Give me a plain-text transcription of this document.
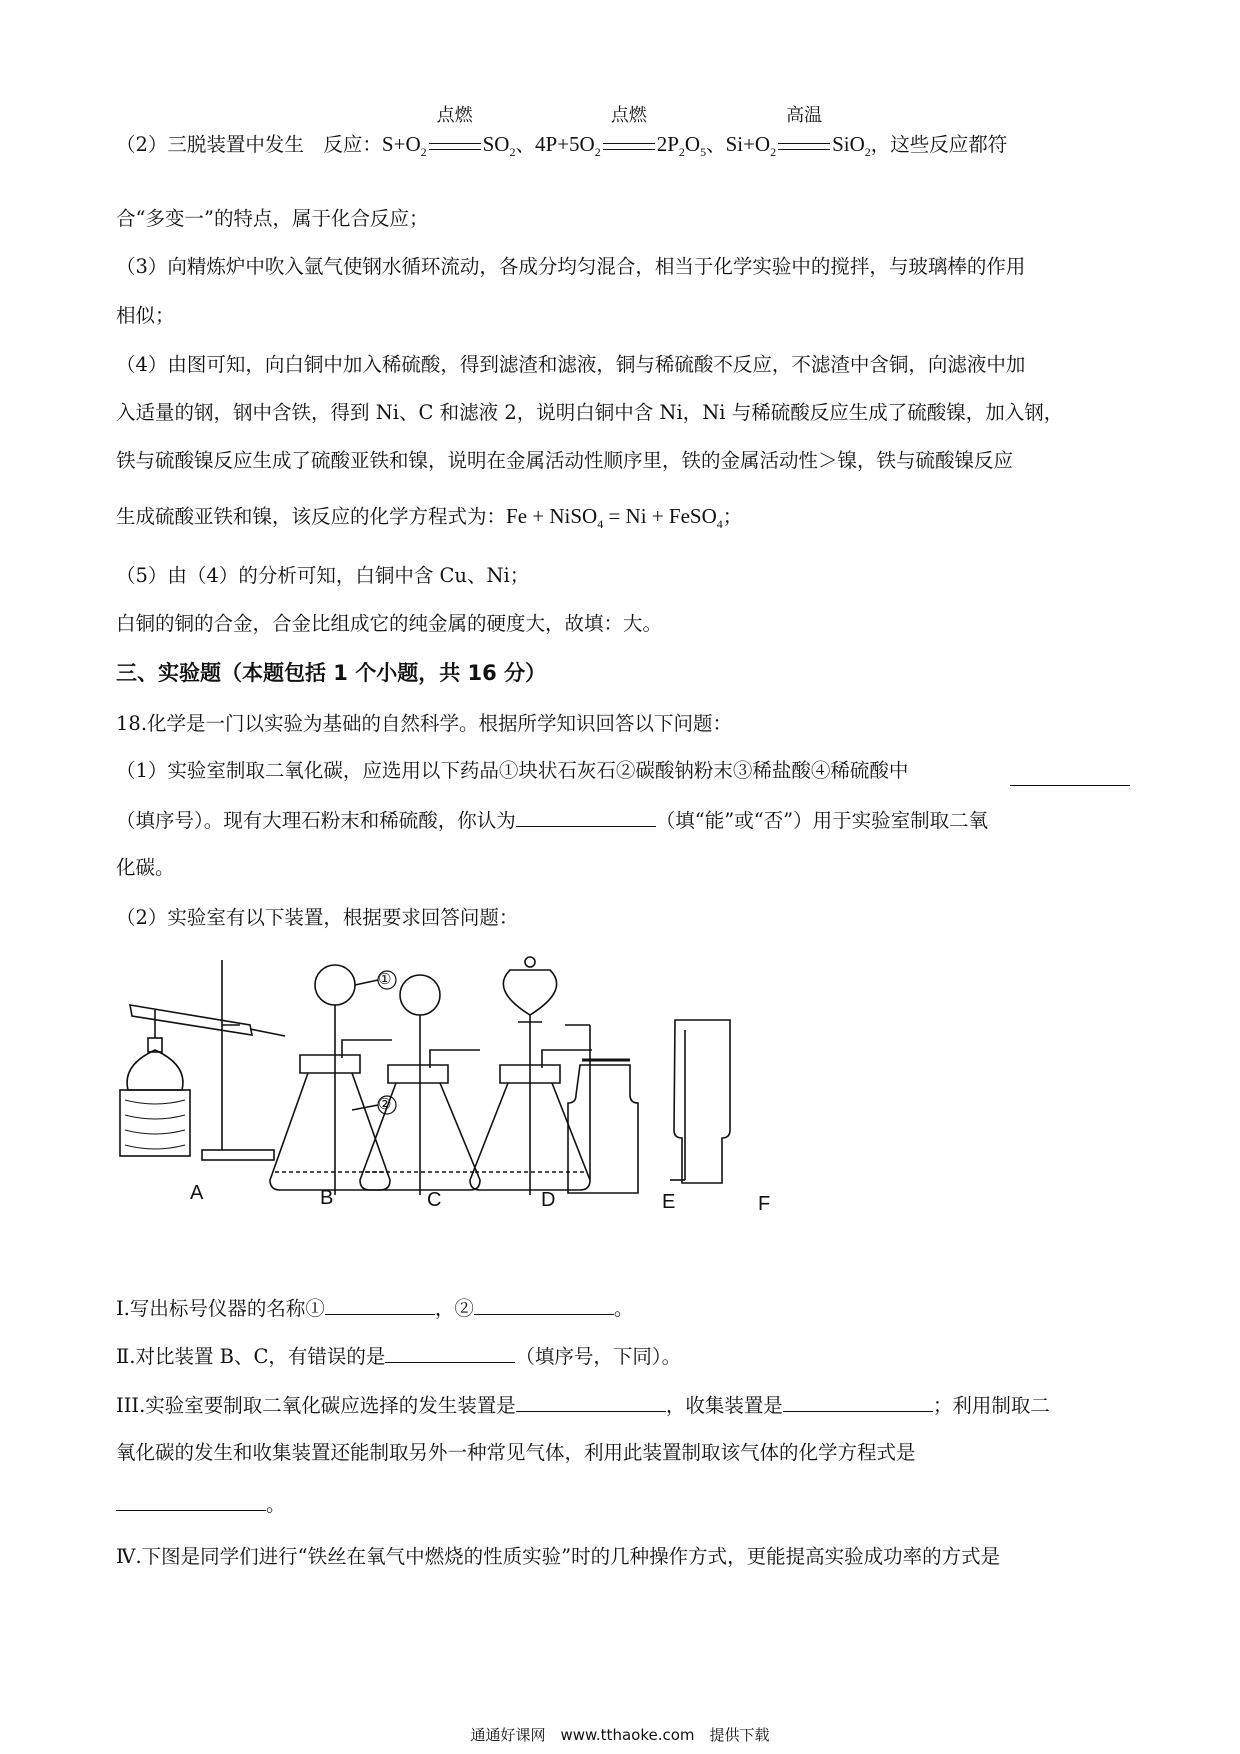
（2）三脱装置中发生　反应：$S+O_2$
点燃
$SO_2$、$4P+5O_2$
点燃
$2P_2O_5$、$Si+O_2$
高温
SiO$_2$，这些反应都符
合“多变一”的特点，属于化合反应；
（3）向精炼炉中吹入氩气使钢水循环流动，各成分均匀混合，相当于化学实验中的搅拌，与玻璃棒的作用
相似；
（4）由图可知，向白铜中加入稀硫酸，得到滤渣和滤液，铜与稀硫酸不反应，不滤渣中含铜，向滤液中加
入适量的钢，钢中含铁，得到 Ni、C 和滤液 2，说明白铜中含 Ni，Ni 与稀硫酸反应生成了硫酸镍，加入钢，
铁与硫酸镍反应生成了硫酸亚铁和镍，说明在金属活动性顺序里，铁的金属活动性＞镍，铁与硫酸镍反应
生成硫酸亚铁和镍，该反应的化学方程式为：Fe + NiSO$_4$ = Ni + FeSO$_4$；
（5）由（4）的分析可知，白铜中含 Cu、Ni；
白铜的铜的合金，合金比组成它的纯金属的硬度大，故填：大。
三、实验题（本题包括 1 个小题，共 16 分）
18.化学是一门以实验为基础的自然科学。根据所学知识回答以下问题：
（1）实验室制取二氧化碳，应选用以下药品①块状石灰石②碳酸钠粉末③稀盐酸④稀硫酸中
（填序号）。现有大理石粉末和稀硫酸，你认为	（填“能”或“否”）用于实验室制取二氧
化碳。
（2）实验室有以下装置，根据要求回答问题：
A	B	C	D	E	F
①
②
Ⅰ.写出标号仪器的名称①	，②	。
Ⅱ.对比装置 B、C，有错误的是	（填序号，下同）。
III.实验室要制取二氧化碳应选择的发生装置是	，收集装置是	；利用制取二
氧化碳的发生和收集装置还能制取另外一种常见气体，利用此装置制取该气体的化学方程式是
。
Ⅳ.下图是同学们进行“铁丝在氧气中燃烧的性质实验”时的几种操作方式，更能提高实验成功率的方式是
通通好课网　www.tthaoke.com　提供下载
